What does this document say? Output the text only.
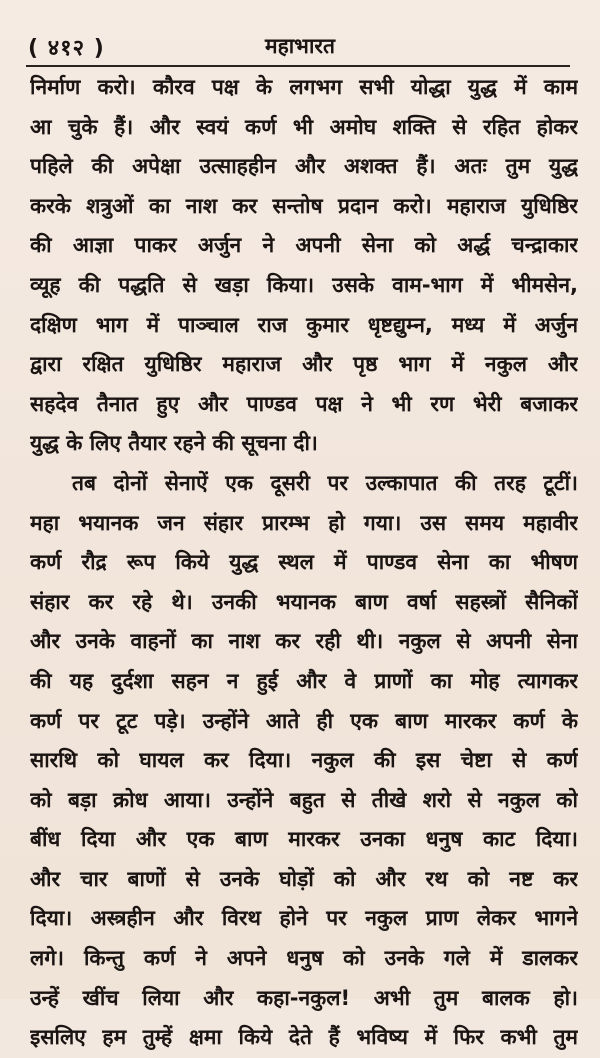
( ४१२ )	महाभारत
निर्माण करो। कौरव पक्ष के लगभग सभी योद्धा युद्ध में काम
आ चुके हैं। और स्वयं कर्ण भी अमोघ शक्ति से रहित होकर
पहिले की अपेक्षा उत्साहहीन और अशक्त हैं। अतः तुम युद्ध
करके शत्रुओं का नाश कर सन्तोष प्रदान करो। महाराज युधिष्ठिर
की आज्ञा पाकर अर्जुन ने अपनी सेना को अर्द्ध चन्द्राकार
व्यूह की पद्धति से खड़ा किया। उसके वाम-भाग में भीमसेन,
दक्षिण भाग में पाञ्चाल राज कुमार धृष्टद्युम्न, मध्य में अर्जुन
द्वारा रक्षित युधिष्ठिर महाराज और पृष्ठ भाग में नकुल और
सहदेव तैनात हुए और पाण्डव पक्ष ने भी रण भेरी बजाकर
युद्ध के लिए तैयार रहने की सूचना दी।
तब दोनों सेनाऐं एक दूसरी पर उल्कापात की तरह टूटीं।
महा भयानक जन संहार प्रारम्भ हो गया। उस समय महावीर
कर्ण रौद्र रूप किये युद्ध स्थल में पाण्डव सेना का भीषण
संहार कर रहे थे। उनकी भयानक बाण वर्षा सहस्त्रों सैनिकों
और उनके वाहनों का नाश कर रही थी। नकुल से अपनी सेना
की यह दुर्दशा सहन न हुई और वे प्राणों का मोह त्यागकर
कर्ण पर टूट पड़े। उन्होंने आते ही एक बाण मारकर कर्ण के
सारथि को घायल कर दिया। नकुल की इस चेष्टा से कर्ण
को बड़ा क्रोध आया। उन्होंने बहुत से तीखे शरो से नकुल को
बींध दिया और एक बाण मारकर उनका धनुष काट दिया।
और चार बाणों से उनके घोड़ों को और रथ को नष्ट कर
दिया। अस्त्रहीन और विरथ होने पर नकुल प्राण लेकर भागने
लगे। किन्तु कर्ण ने अपने धनुष को उनके गले में डालकर
उन्हें खींच लिया और कहा-नकुल! अभी तुम बालक हो।
इसलिए हम तुम्हें क्षमा किये देते हैं भविष्य में फिर कभी तुम
